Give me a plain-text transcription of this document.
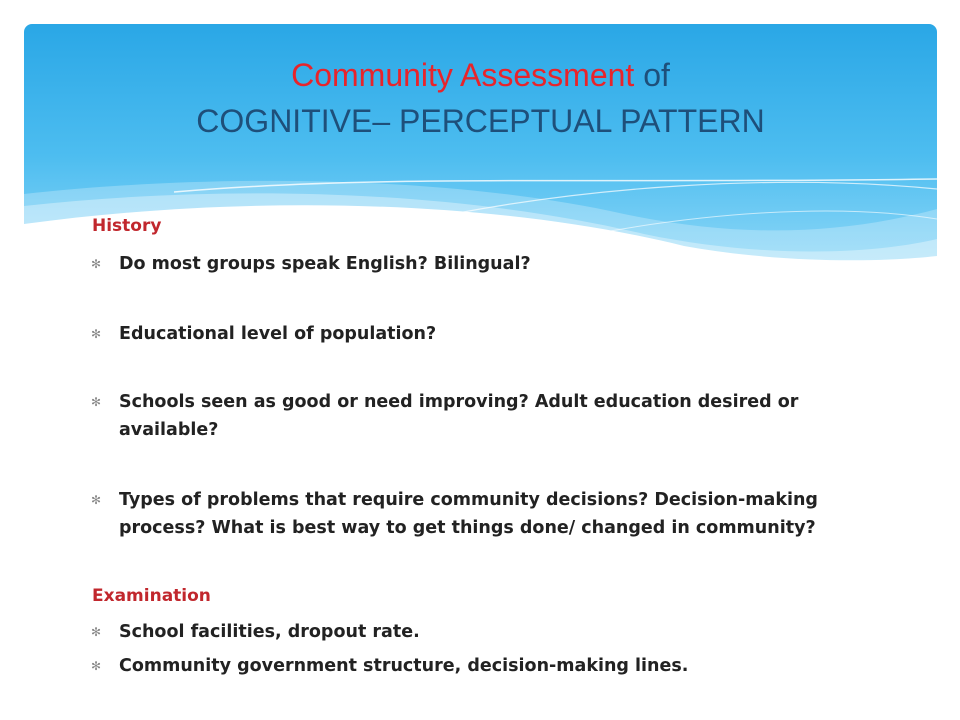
Community Assessment of
COGNITIVE– PERCEPTUAL PATTERN
History
✻	Do most groups speak English? Bilingual?
✻	Educational level of population?
✻	Schools seen as good or need improving? Adult education desired or available?
✻	Types of problems that require community decisions? Decision-making process? What is best way to get things done/ changed in community?
Examination
✻	School facilities, dropout rate.
✻	Community government structure, decision-making lines.
